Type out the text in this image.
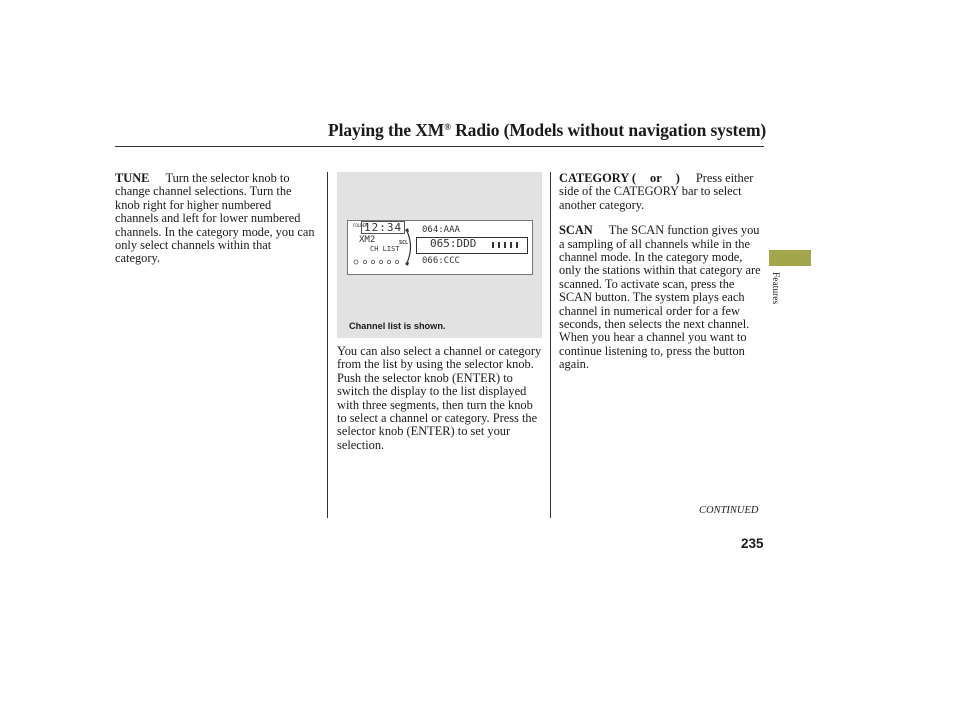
Playing the XM® Radio (Models without navigation system)

TUNE Turn the selector knob to change channel selections. Turn the knob right for higher numbered channels and left for lower numbered channels. In the category mode, you can only select channels within that category.

FOLDER
12:34
XM2
CH LIST
SCL
064:AAA
065:DDD
066:CCC
Channel list is shown.

You can also select a channel or category from the list by using the selector knob. Push the selector knob (ENTER) to switch the display to the list displayed with three segments, then turn the knob to select a channel or category. Press the selector knob (ENTER) to set your selection.

CATEGORY ( or ) Press either side of the CATEGORY bar to select another category.

SCAN The SCAN function gives you a sampling of all channels while in the channel mode. In the category mode, only the stations within that category are scanned. To activate scan, press the SCAN button. The system plays each channel in numerical order for a few seconds, then selects the next channel. When you hear a channel you want to continue listening to, press the button again.

Features
CONTINUED
235
